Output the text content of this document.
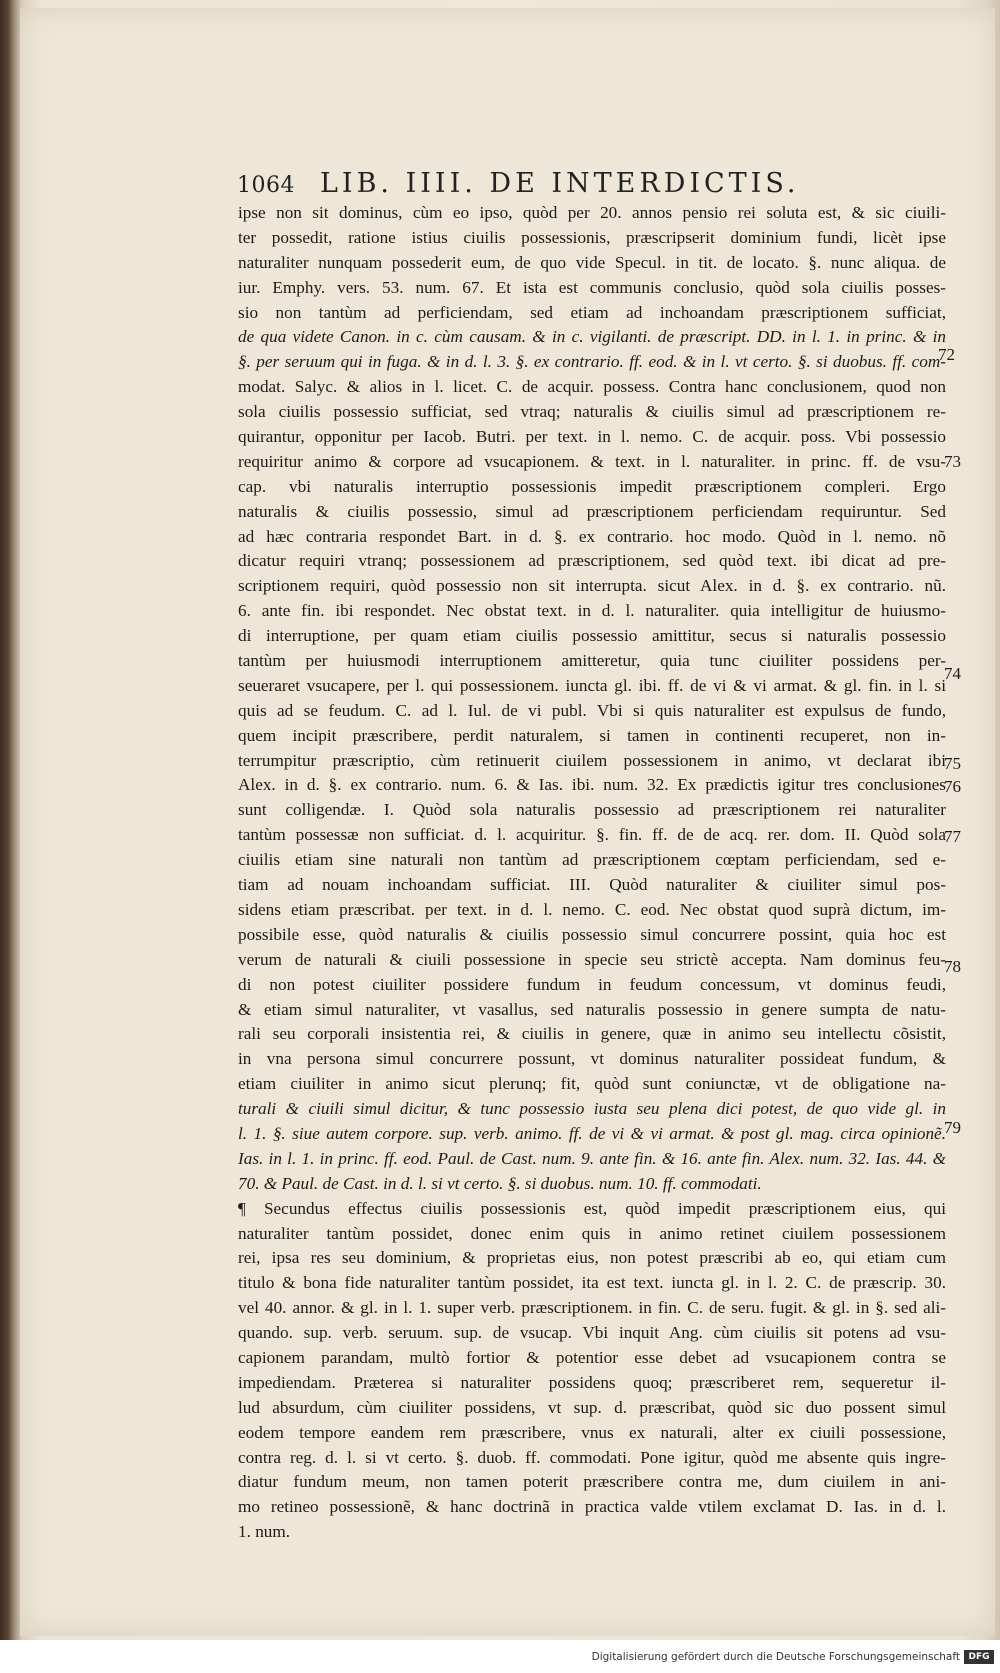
1064 LIB. IIII. DE INTERDICTIS.
ipse non sit dominus, cùm eo ipso, quòd per 20. annos pensio rei soluta est, & sic ciuili-
ter possedit, ratione istius ciuilis possessionis, præscripserit dominium fundi, licèt ipse
naturaliter nunquam possederit eum, de quo vide Specul. in tit. de locato. §. nunc aliqua. de
iur. Emphy. vers. 53. num. 67. Et ista est communis conclusio, quòd sola ciuilis posses-
sio non tantùm ad perficiendam, sed etiam ad inchoandam præscriptionem sufficiat,
de qua videte Canon. in c. cùm causam. & in c. vigilanti. de præscript. DD. in l. 1. in princ. & in
§. per seruum qui in fuga. & in d. l. 3. §. ex contrario. ff. eod. & in l. vt certo. §. si duobus. ff. com-
modat. Salyc. & alios in l. licet. C. de acquir. possess. Contra hanc conclusionem, quod non
sola ciuilis possessio sufficiat, sed vtraq; naturalis & ciuilis simul ad præscriptionem re-
quirantur, opponitur per Iacob. Butri. per text. in l. nemo. C. de acquir. poss. Vbi possessio
requiritur animo & corpore ad vsucapionem. & text. in l. naturaliter. in princ. ff. de vsu-
cap. vbi naturalis interruptio possessionis impedit præscriptionem compleri. Ergo
naturalis & ciuilis possessio, simul ad præscriptionem perficiendam requiruntur. Sed
ad hæc contraria respondet Bart. in d. §. ex contrario. hoc modo. Quòd in l. nemo. nõ
dicatur requiri vtranq; possessionem ad præscriptionem, sed quòd text. ibi dicat ad pre-
scriptionem requiri, quòd possessio non sit interrupta. sicut Alex. in d. §. ex contrario. nũ.
6. ante fin. ibi respondet. Nec obstat text. in d. l. naturaliter. quia intelligitur de huiusmo-
di interruptione, per quam etiam ciuilis possessio amittitur, secus si naturalis possessio
tantùm per huiusmodi interruptionem amitteretur, quia tunc ciuiliter possidens per-
seueraret vsucapere, per l. qui possessionem. iuncta gl. ibi. ff. de vi & vi armat. & gl. fin. in l. si
quis ad se feudum. C. ad l. Iul. de vi publ. Vbi si quis naturaliter est expulsus de fundo,
quem incipit præscribere, perdit naturalem, si tamen in continenti recuperet, non in-
terrumpitur præscriptio, cùm retinuerit ciuilem possessionem in animo, vt declarat ibi
Alex. in d. §. ex contrario. num. 6. & Ias. ibi. num. 32. Ex prædictis igitur tres conclusiones
sunt colligendæ. I. Quòd sola naturalis possessio ad præscriptionem rei naturaliter
tantùm possessæ non sufficiat. d. l. acquiritur. §. fin. ff. de de acq. rer. dom. II. Quòd sola
ciuilis etiam sine naturali non tantùm ad præscriptionem cœptam perficiendam, sed e-
tiam ad nouam inchoandam sufficiat. III. Quòd naturaliter & ciuiliter simul pos-
sidens etiam præscribat. per text. in d. l. nemo. C. eod. Nec obstat quod suprà dictum, im-
possibile esse, quòd naturalis & ciuilis possessio simul concurrere possint, quia hoc est
verum de naturali & ciuili possessione in specie seu strictè accepta. Nam dominus feu-
di non potest ciuiliter possidere fundum in feudum concessum, vt dominus feudi,
& etiam simul naturaliter, vt vasallus, sed naturalis possessio in genere sumpta de natu-
rali seu corporali insistentia rei, & ciuilis in genere, quæ in animo seu intellectu cõsistit,
in vna persona simul concurrere possunt, vt dominus naturaliter possideat fundum, &
etiam ciuiliter in animo sicut plerunq; fit, quòd sunt coniunctæ, vt de obligatione na-
turali & ciuili simul dicitur, & tunc possessio iusta seu plena dici potest, de quo vide gl. in
l. 1. §. siue autem corpore. sup. verb. animo. ff. de vi & vi armat. & post gl. mag. circa opinionẽ.
Ias. in l. 1. in princ. ff. eod. Paul. de Cast. num. 9. ante fin. & 16. ante fin. Alex. num. 32. Ias. 44. &
70. & Paul. de Cast. in d. l. si vt certo. §. si duobus. num. 10. ff. commodati.
¶ Secundus effectus ciuilis possessionis est, quòd impedit præscriptionem eius, qui
naturaliter tantùm possidet, donec enim quis in animo retinet ciuilem possessionem
rei, ipsa res seu dominium, & proprietas eius, non potest præscribi ab eo, qui etiam cum
titulo & bona fide naturaliter tantùm possidet, ita est text. iuncta gl. in l. 2. C. de præscrip. 30.
vel 40. annor. & gl. in l. 1. super verb. præscriptionem. in fin. C. de seru. fugit. & gl. in §. sed ali-
quando. sup. verb. seruum. sup. de vsucap. Vbi inquit Ang. cùm ciuilis sit potens ad vsu-
capionem parandam, multò fortior & potentior esse debet ad vsucapionem contra se
impediendam. Præterea si naturaliter possidens quoq; præscriberet rem, sequeretur il-
lud absurdum, cùm ciuiliter possidens, vt sup. d. præscribat, quòd sic duo possent simul
eodem tempore eandem rem præscribere, vnus ex naturali, alter ex ciuili possessione,
contra reg. d. l. si vt certo. §. duob. ff. commodati. Pone igitur, quòd me absente quis ingre-
diatur fundum meum, non tamen poterit præscribere contra me, dum ciuilem in ani-
mo retineo possessionẽ, & hanc doctrinã in practica valde vtilem exclamat D. Ias. in d. l.
1. num.
72
73
74
75
76
77
78
79
Digitalisierung gefördert durch die Deutsche Forschungsgemeinschaft DFG
